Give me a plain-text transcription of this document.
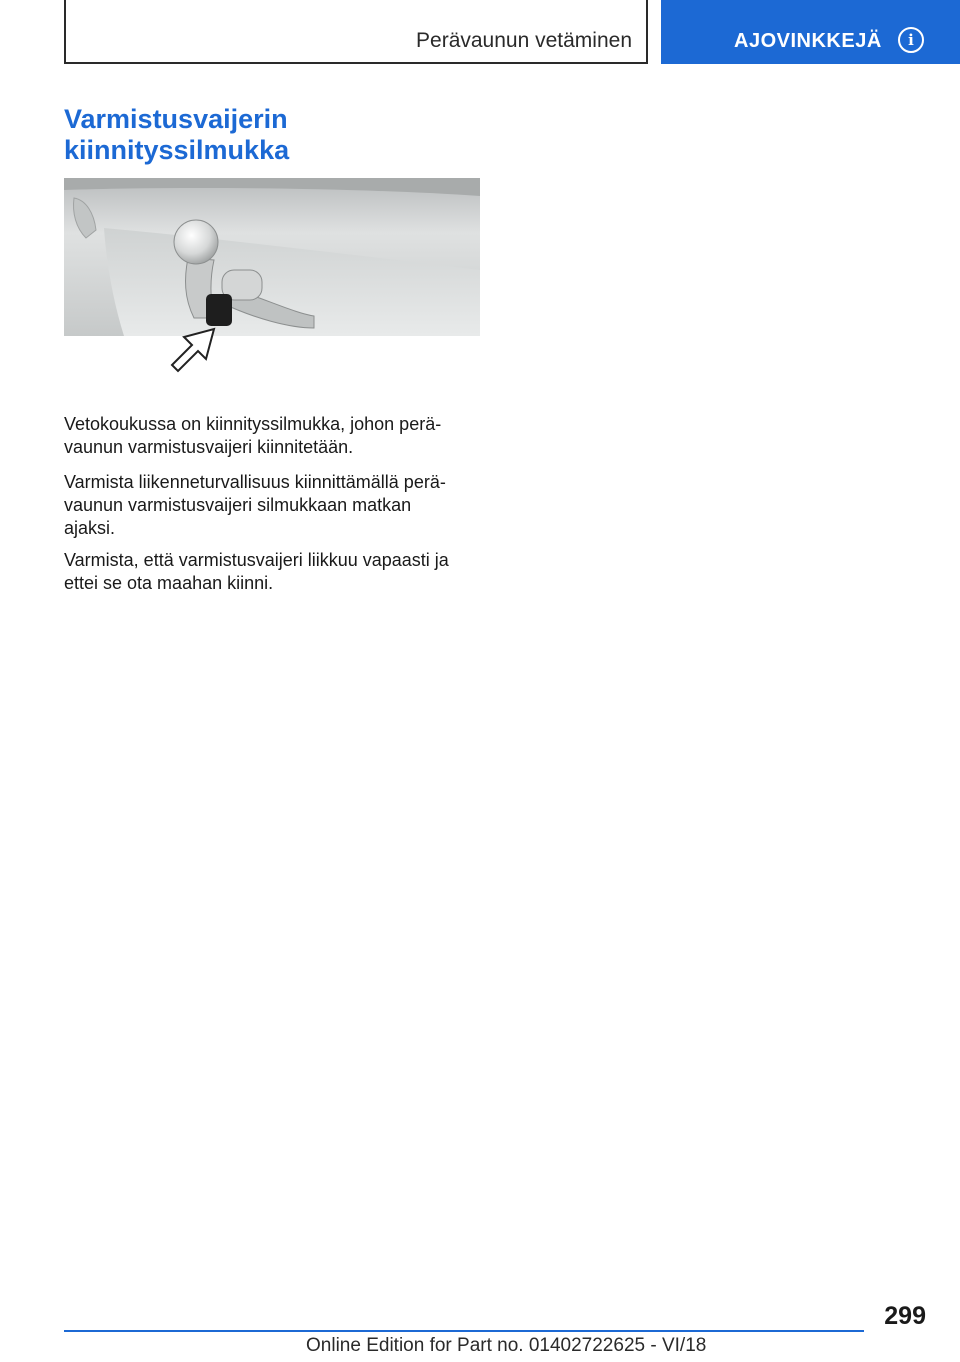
Perävaunun vetäminen	AJOVINKKEJÄ	i
Varmistusvaijerin
kiinnityssilmukka

Vetokoukussa on kiinnityssilmukka, johon perä‐
vaunun varmistusvaijeri kiinnitetään.

Varmista liikenneturvallisuus kiinnittämällä perä‐
vaunun varmistusvaijeri silmukkaan matkan
ajaksi.

Varmista, että varmistusvaijeri liikkuu vapaasti ja
ettei se ota maahan kiinni.

299
Online Edition for Part no. 01402722625 - VI/18
